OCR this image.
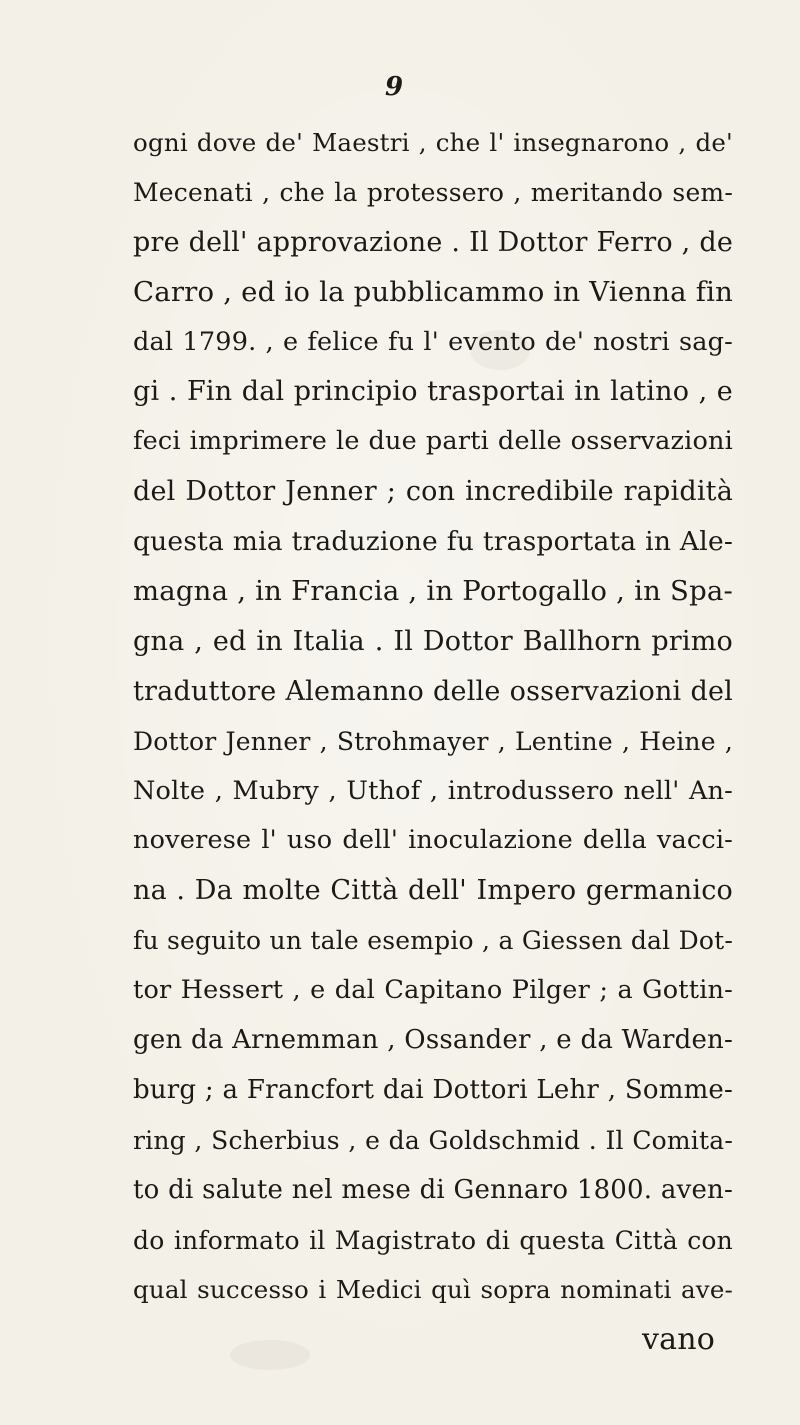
9
ogni dove de' Maestri , che l' insegnarono , de'
Mecenati , che la protessero , meritando sem-
pre dell' approvazione . Il Dottor Ferro , de
Carro , ed io la pubblicammo in Vienna fin
dal 1799. , e felice fu l' evento de' nostri sag-
gi . Fin dal principio trasportai in latino , e
feci imprimere le due parti delle osservazioni
del Dottor Jenner ; con incredibile rapidità
questa mia traduzione fu trasportata in Ale-
magna , in Francia , in Portogallo , in Spa-
gna , ed in Italia . Il Dottor Ballhorn primo
traduttore Alemanno delle osservazioni del
Dottor Jenner , Strohmayer , Lentine , Heine ,
Nolte , Mubry , Uthof , introdussero nell' An-
noverese l' uso dell' inoculazione della vacci-
na . Da molte Città dell' Impero germanico
fu seguito un tale esempio , a Giessen dal Dot-
tor Hessert , e dal Capitano Pilger ; a Gottin-
gen da Arnemman , Ossander , e da Warden-
burg ; a Francfort dai Dottori Lehr , Somme-
ring , Scherbius , e da Goldschmid . Il Comita-
to di salute nel mese di Gennaro 1800. aven-
do informato il Magistrato di questa Città con
qual successo i Medici quì sopra nominati ave-
vano
